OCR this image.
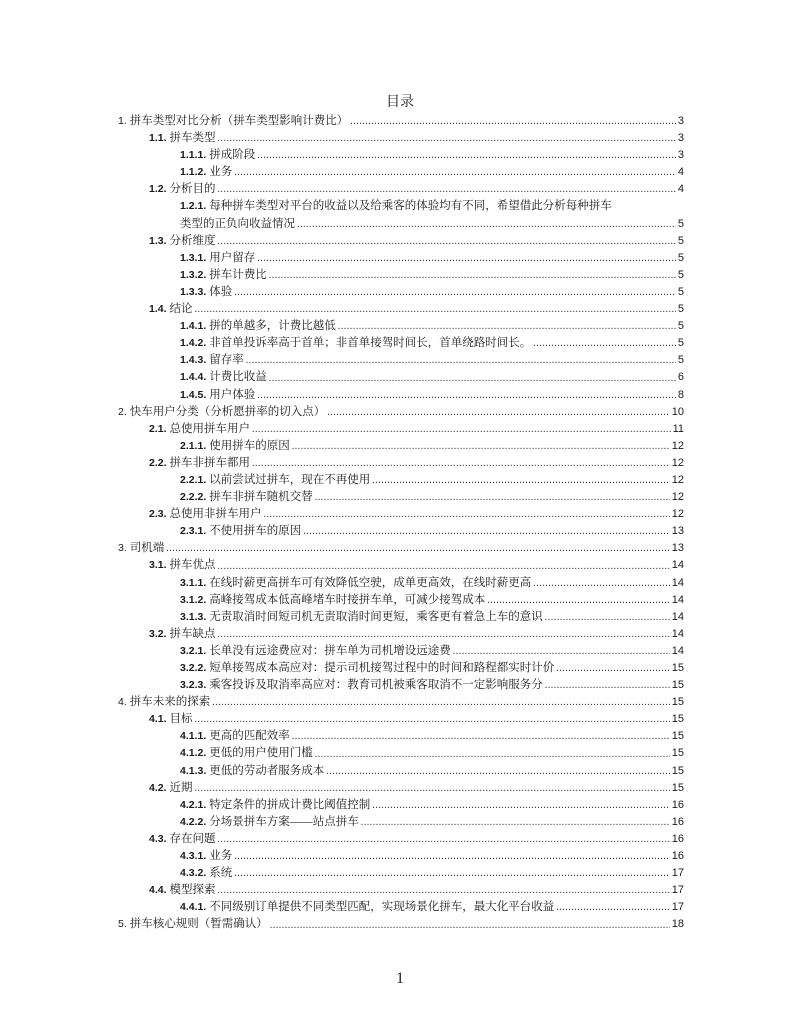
目录
1. 拼车类型对比分析（拼车类型影响计费比） .....	3
1.1. 拼车类型 .....	3
1.1.1. 拼成阶段 .....	3
1.1.2. 业务 .....	4
1.2. 分析目的 .....	4
1.2.1. 每种拼车类型对平台的收益以及给乘客的体验均有不同，希望借此分析每种拼车
类型的正负向收益情况 .....	5
1.3. 分析维度 .....	5
1.3.1. 用户留存 .....	5
1.3.2. 拼车计费比 .....	5
1.3.3. 体验 .....	5
1.4. 结论 .....	5
1.4.1. 拼的单越多，计费比越低 .....	5
1.4.2. 非首单投诉率高于首单；非首单接驾时间长，首单绕路时间长。 .....	5
1.4.3. 留存率 .....	5
1.4.4. 计费比收益 .....	6
1.4.5. 用户体验 .....	8
2. 快车用户分类（分析愿拼率的切入点） .....	10
2.1. 总使用拼车用户 .....	11
2.1.1. 使用拼车的原因 .....	12
2.2. 拼车非拼车都用 .....	12
2.2.1. 以前尝试过拼车，现在不再使用 .....	12
2.2.2. 拼车非拼车随机交替 .....	12
2.3. 总使用非拼车用户 .....	12
2.3.1. 不使用拼车的原因 .....	13
3. 司机端 .....	13
3.1. 拼车优点 .....	14
3.1.1. 在线时薪更高拼车可有效降低空驶，成单更高效，在线时薪更高 .....	14
3.1.2. 高峰接驾成本低高峰堵车时接拼车单，可减少接驾成本 .....	14
3.1.3. 无责取消时间短司机无责取消时间更短，乘客更有着急上车的意识 .....	14
3.2. 拼车缺点 .....	14
3.2.1. 长单没有远途费应对：拼车单为司机增设远途费 .....	14
3.2.2. 短单接驾成本高应对：提示司机接驾过程中的时间和路程都实时计价 .....	15
3.2.3. 乘客投诉及取消率高应对：教育司机被乘客取消不一定影响服务分 .....	15
4. 拼车未来的探索 .....	15
4.1. 目标 .....	15
4.1.1. 更高的匹配效率 .....	15
4.1.2. 更低的用户使用门槛 .....	15
4.1.3. 更低的劳动者服务成本 .....	15
4.2. 近期 .....	15
4.2.1. 特定条件的拼成计费比阈值控制 .....	16
4.2.2. 分场景拼车方案——站点拼车 .....	16
4.3. 存在问题 .....	16
4.3.1. 业务 .....	16
4.3.2. 系统 .....	17
4.4. 模型探索 .....	17
4.4.1. 不同级别订单提供不同类型匹配，实现场景化拼车，最大化平台收益 .....	17
5. 拼车核心规则（暂需确认） .....	18
1
